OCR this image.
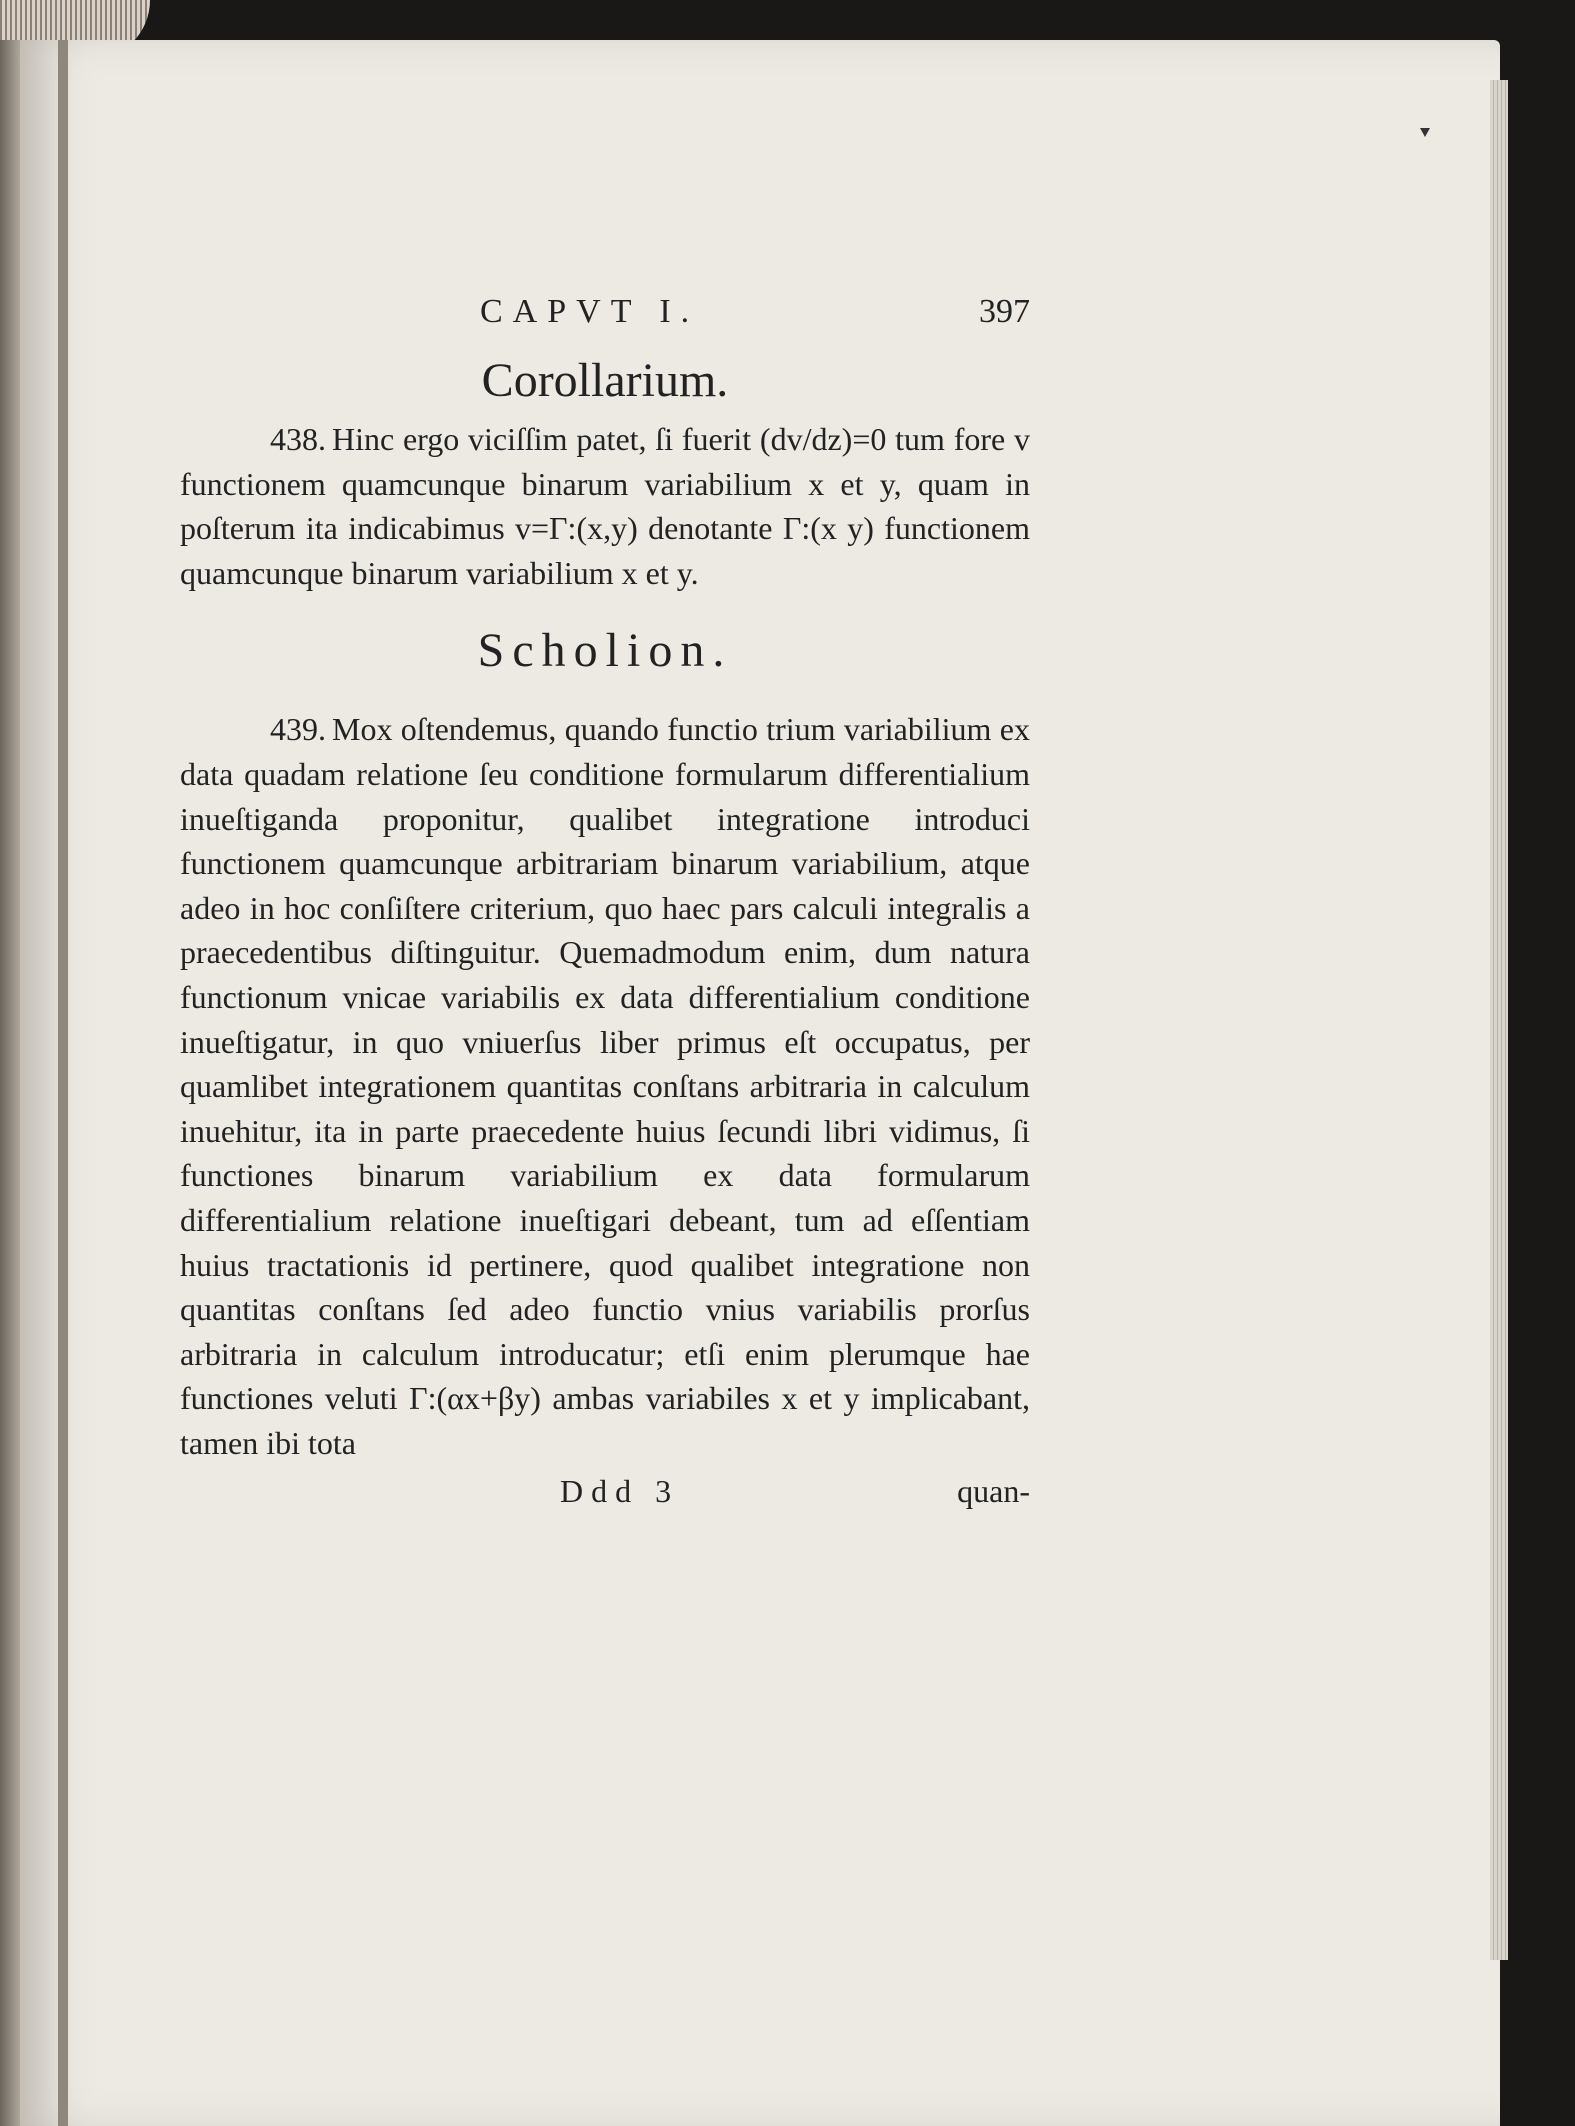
CAPVT I.	397
Corollarium.

438. Hinc ergo viciſſim patet, ſi fuerit (dv/dz)=0 tum fore v functionem quamcunque binarum variabilium x et y, quam in poſterum ita indicabimus v=Γ:(x,y) denotante Γ:(x y) functionem quamcunque binarum variabilium x et y.

Scholion.

439. Mox oſtendemus, quando functio trium variabilium ex data quadam relatione ſeu conditione formularum differentialium inueſtiganda proponitur, qualibet integratione introduci functionem quamcunque arbitrariam binarum variabilium, atque adeo in hoc conſiſtere criterium, quo haec pars calculi integralis a praecedentibus diſtinguitur. Quemadmodum enim, dum natura functionum vnicae variabilis ex data differentialium conditione inueſtigatur, in quo vniuerſus liber primus eſt occupatus, per quamlibet integrationem quantitas conſtans arbitraria in calculum inuehitur, ita in parte praecedente huius ſecundi libri vidimus, ſi functiones binarum variabilium ex data formularum differentialium relatione inueſtigari debeant, tum ad eſſentiam huius tractationis id pertinere, quod qualibet integratione non quantitas conſtans ſed adeo functio vnius variabilis prorſus arbitraria in calculum introducatur; etſi enim plerumque hae functiones veluti Γ:(αx+βy) ambas variabiles x et y implicabant, tamen ibi tota

Ddd 3	quan-
